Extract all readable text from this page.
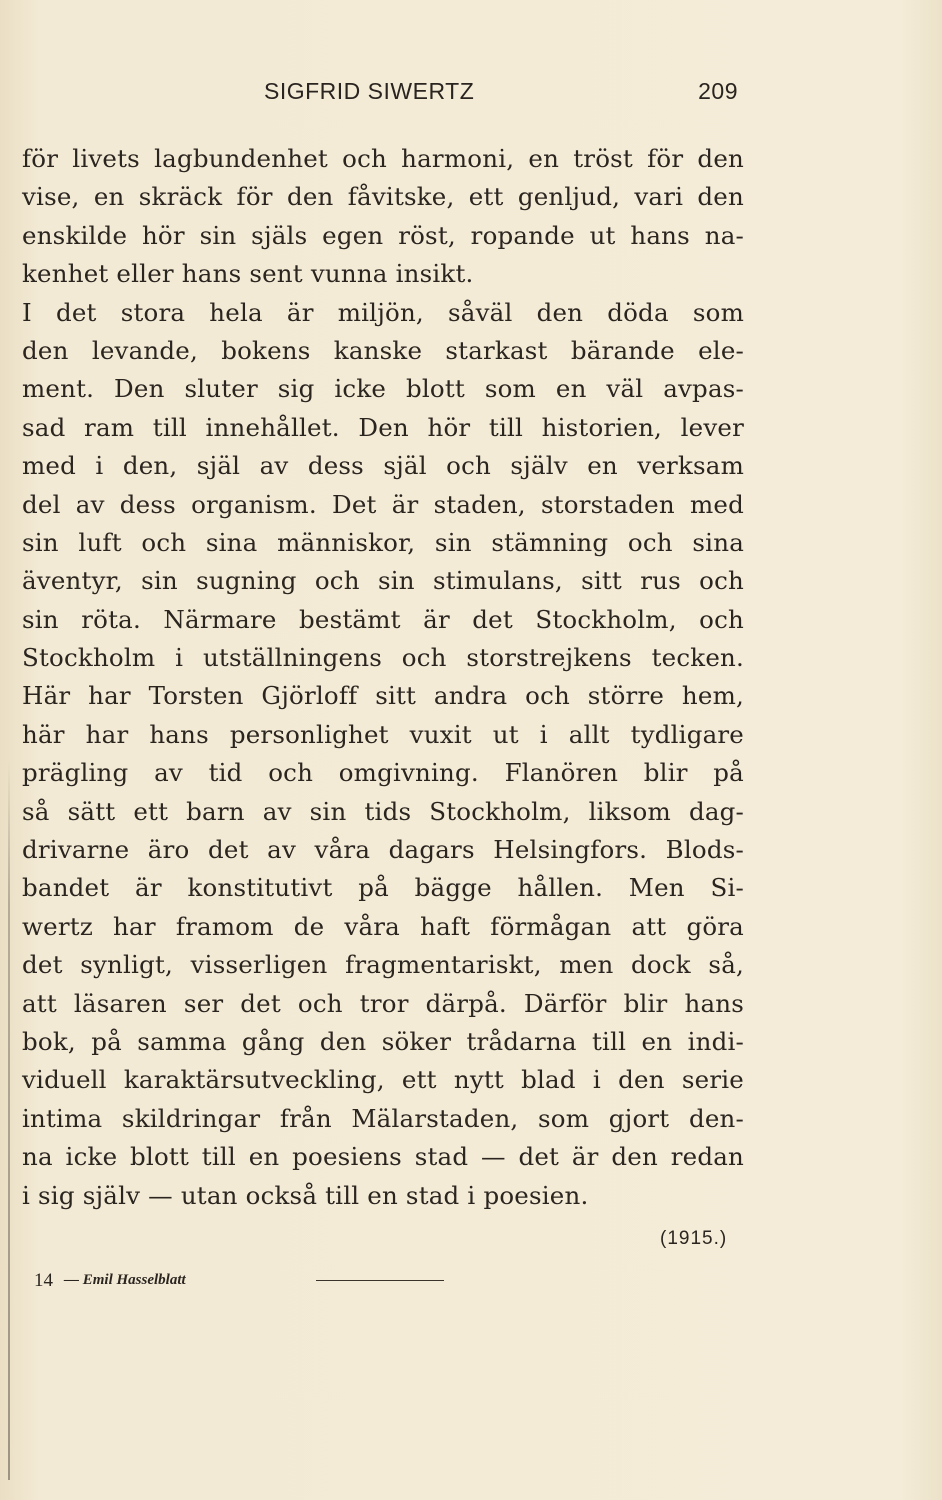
SIGFRID SIWERTZ	209
för livets lagbundenhet och harmoni, en tröst för den
vise, en skräck för den fåvitske, ett genljud, vari den
enskilde hör sin själs egen röst, ropande ut hans na-
kenhet eller hans sent vunna insikt.
I det stora hela är miljön, såväl den döda som
den levande, bokens kanske starkast bärande ele-
ment. Den sluter sig icke blott som en väl avpas-
sad ram till innehållet. Den hör till historien, lever
med i den, själ av dess själ och själv en verksam
del av dess organism. Det är staden, storstaden med
sin luft och sina människor, sin stämning och sina
äventyr, sin sugning och sin stimulans, sitt rus och
sin röta. Närmare bestämt är det Stockholm, och
Stockholm i utställningens och storstrejkens tecken.
Här har Torsten Gjörloff sitt andra och större hem,
här har hans personlighet vuxit ut i allt tydligare
prägling av tid och omgivning. Flanören blir på
så sätt ett barn av sin tids Stockholm, liksom dag-
drivarne äro det av våra dagars Helsingfors. Blods-
bandet är konstitutivt på bägge hållen. Men Si-
wertz har framom de våra haft förmågan att göra
det synligt, visserligen fragmentariskt, men dock så,
att läsaren ser det och tror därpå. Därför blir hans
bok, på samma gång den söker trådarna till en indi-
viduell karaktärsutveckling, ett nytt blad i den serie
intima skildringar från Mälarstaden, som gjort den-
na icke blott till en poesiens stad — det är den redan
i sig själv — utan också till en stad i poesien.
(1915.)
14 — Emil Hasselblatt
